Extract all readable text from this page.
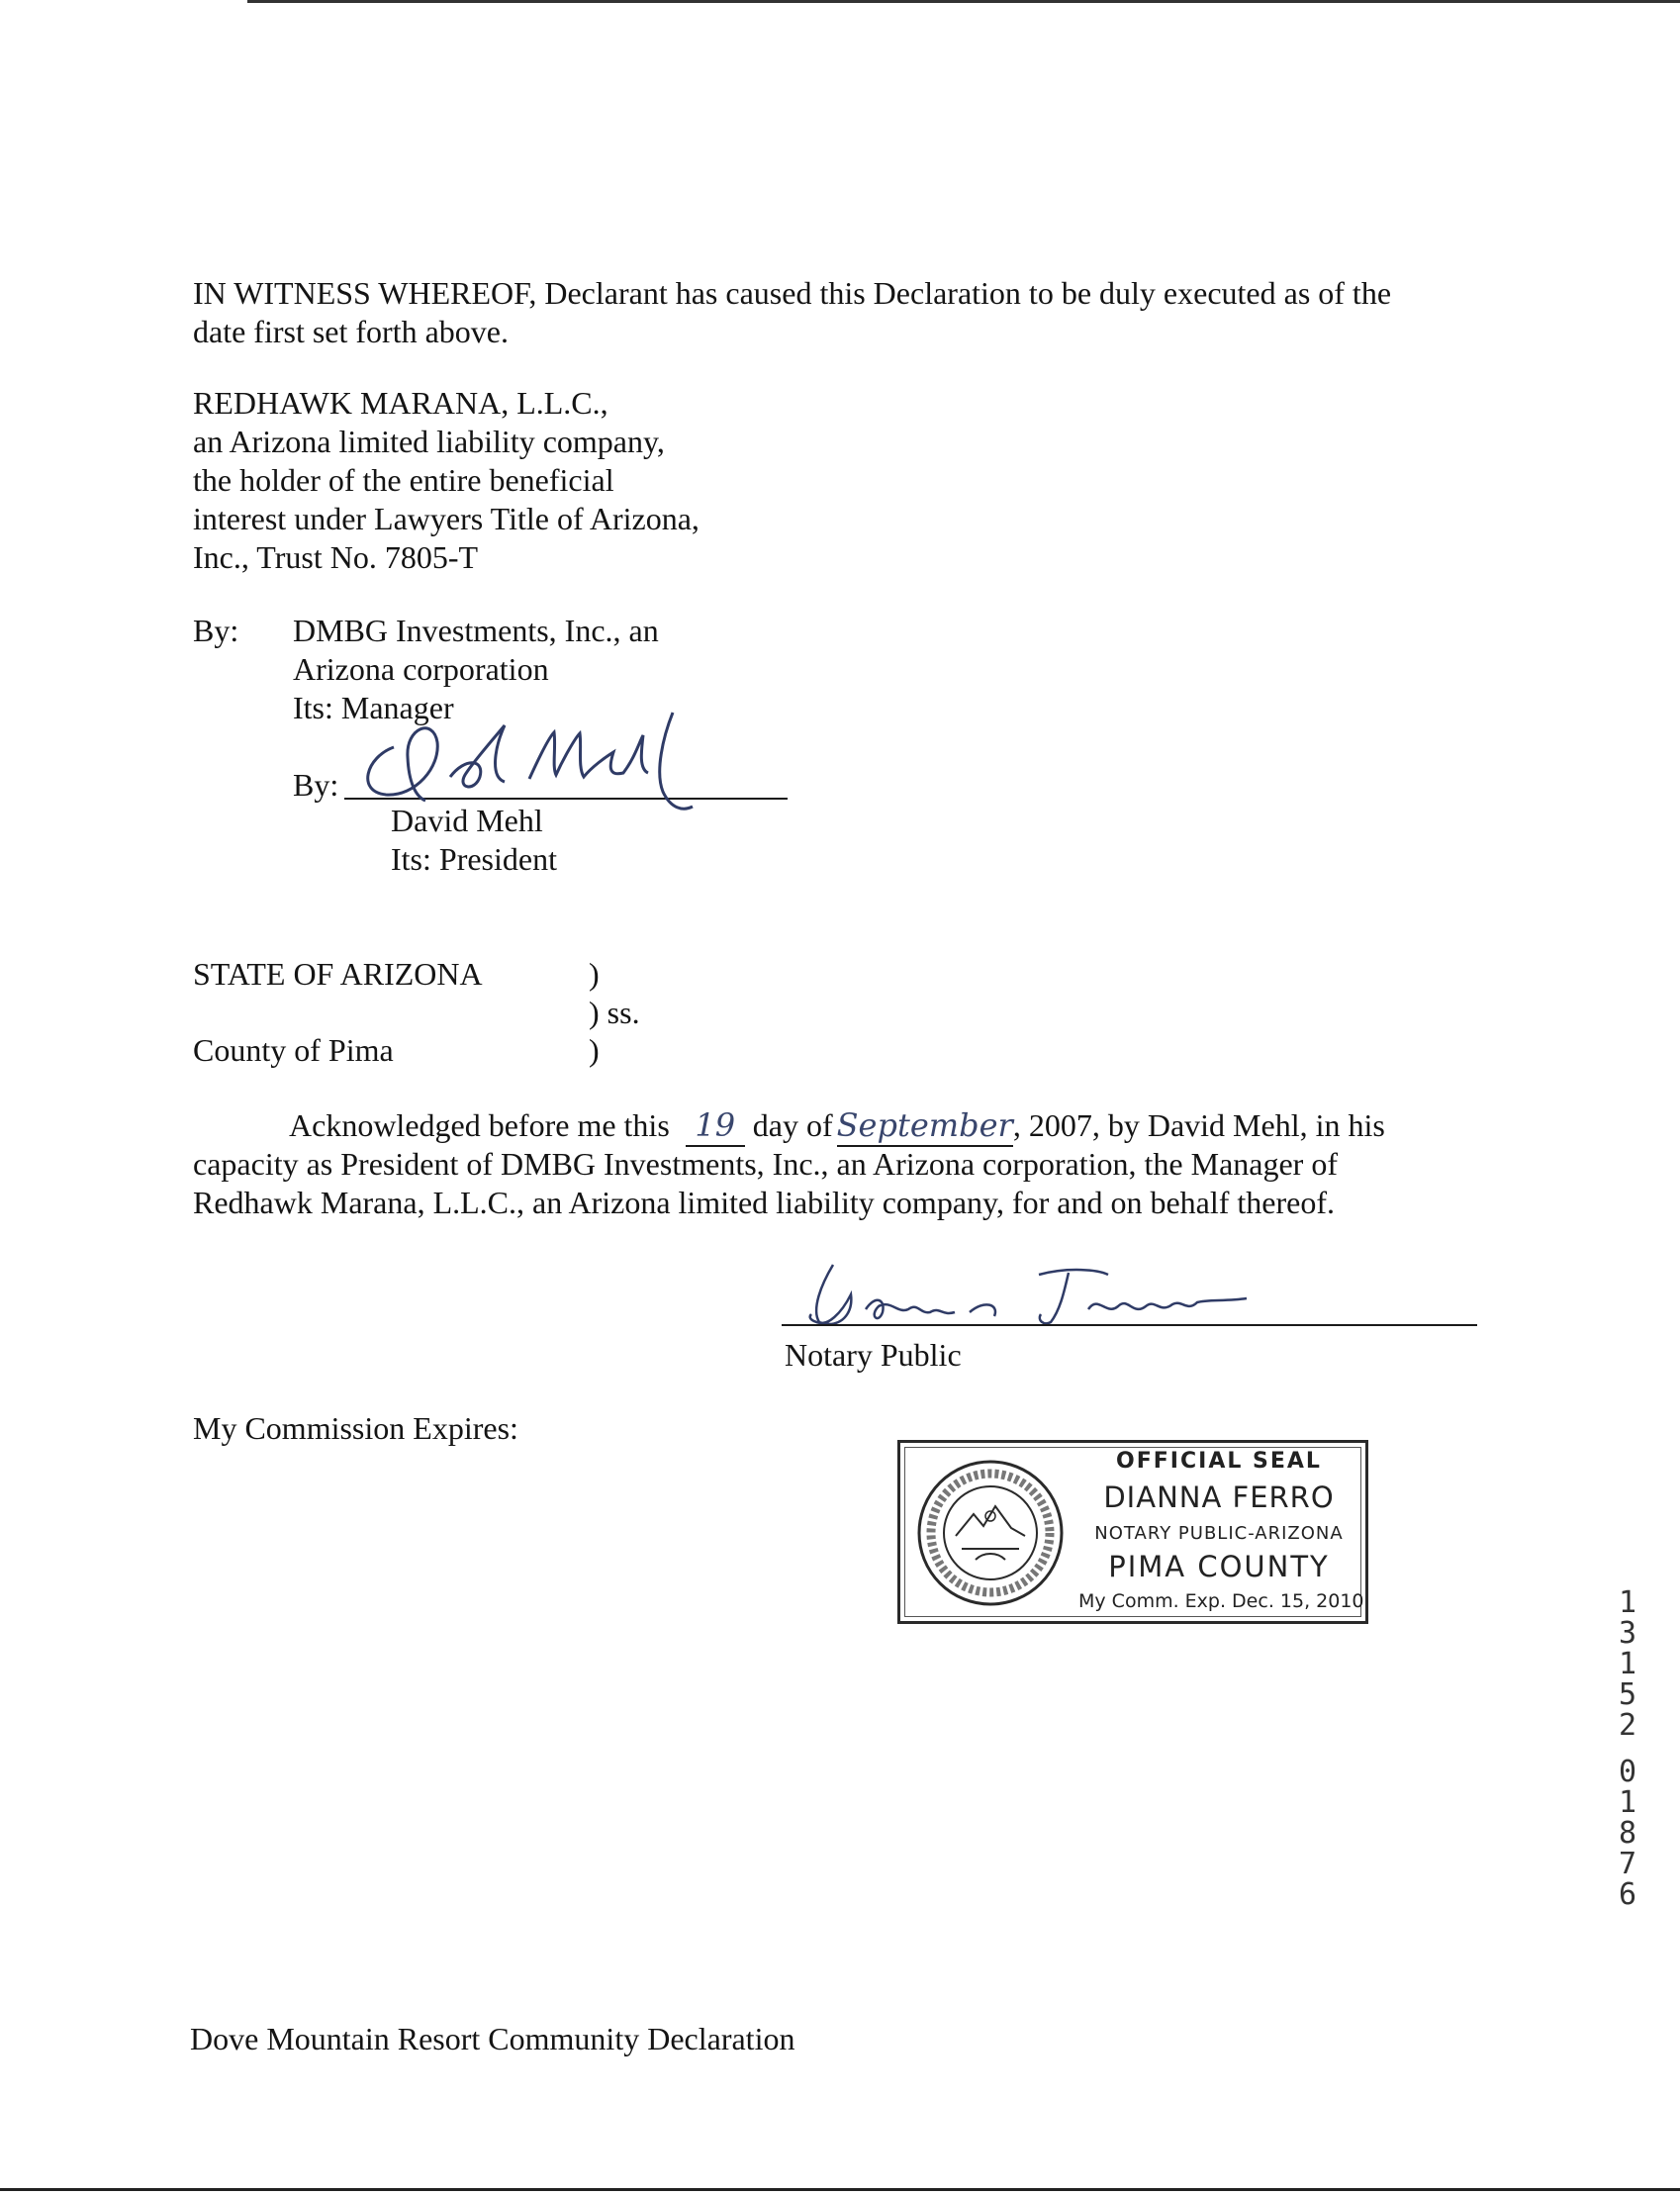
IN WITNESS WHEREOF, Declarant has caused this Declaration to be duly executed as of the
date first set forth above.
REDHAWK MARANA, L.L.C.,
an Arizona limited liability company,
the holder of the entire beneficial
interest under Lawyers Title of Arizona,
Inc., Trust No. 7805-T
By: DMBG Investments, Inc., an
Arizona corporation
Its: Manager
By:
David Mehl
Its: President
STATE OF ARIZONA	)
) ss.
County of Pima	)
Acknowledged before me this 19 day of September, 2007, by David Mehl, in his
capacity as President of DMBG Investments, Inc., an Arizona corporation, the Manager of
Redhawk Marana, L.L.C., an Arizona limited liability company, for and on behalf thereof.
Notary Public
My Commission Expires:
OFFICIAL SEAL
DIANNA FERRO
NOTARY PUBLIC-ARIZONA
PIMA COUNTY
My Comm. Exp. Dec. 15, 2010	1
3
1
5
2
0
1
8
7
6
Dove Mountain Resort Community Declaration
